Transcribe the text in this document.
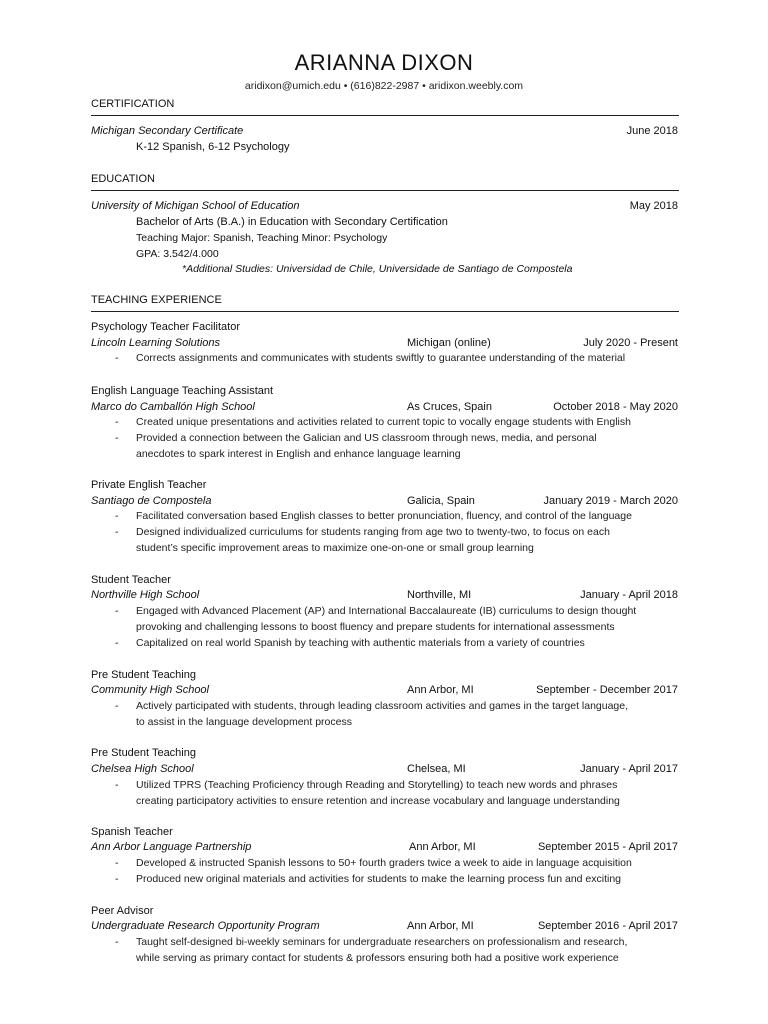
ARIANNA DIXON
aridixon@umich.edu • (616)822-2987 • aridixon.weebly.com
CERTIFICATION
Michigan Secondary Certificate	June 2018
K-12 Spanish, 6-12 Psychology
EDUCATION
University of Michigan School of Education	May 2018
Bachelor of Arts (B.A.) in Education with Secondary Certification
Teaching Major: Spanish, Teaching Minor: Psychology
GPA: 3.542/4.000
*Additional Studies: Universidad de Chile, Universidade de Santiago de Compostela
TEACHING EXPERIENCE
Psychology Teacher Facilitator
Lincoln Learning Solutions	Michigan (online)	July 2020 - Present
- Corrects assignments and communicates with students swiftly to guarantee understanding of the material
English Language Teaching Assistant
Marco do Camballón High School	As Cruces, Spain	October 2018 - May 2020
- Created unique presentations and activities related to current topic to vocally engage students with English
- Provided a connection between the Galician and US classroom through news, media, and personal
anecdotes to spark interest in English and enhance language learning
Private English Teacher
Santiago de Compostela	Galicia, Spain	January 2019 - March 2020
- Facilitated conversation based English classes to better pronunciation, fluency, and control of the language
- Designed individualized curriculums for students ranging from age two to twenty-two, to focus on each
student’s specific improvement areas to maximize one-on-one or small group learning
Student Teacher
Northville High School	Northville, MI	January - April 2018
- Engaged with Advanced Placement (AP) and International Baccalaureate (IB) curriculums to design thought
provoking and challenging lessons to boost fluency and prepare students for international assessments
- Capitalized on real world Spanish by teaching with authentic materials from a variety of countries
Pre Student Teaching
Community High School	Ann Arbor, MI	September - December 2017
- Actively participated with students, through leading classroom activities and games in the target language,
to assist in the language development process
Pre Student Teaching
Chelsea High School	Chelsea, MI	January - April 2017
- Utilized TPRS (Teaching Proficiency through Reading and Storytelling) to teach new words and phrases
creating participatory activities to ensure retention and increase vocabulary and language understanding
Spanish Teacher
Ann Arbor Language Partnership	Ann Arbor, MI	September 2015 - April 2017
- Developed & instructed Spanish lessons to 50+ fourth graders twice a week to aide in language acquisition
- Produced new original materials and activities for students to make the learning process fun and exciting
Peer Advisor
Undergraduate Research Opportunity Program	Ann Arbor, MI	September 2016 - April 2017
- Taught self-designed bi-weekly seminars for undergraduate researchers on professionalism and research,
while serving as primary contact for students & professors ensuring both had a positive work experience
